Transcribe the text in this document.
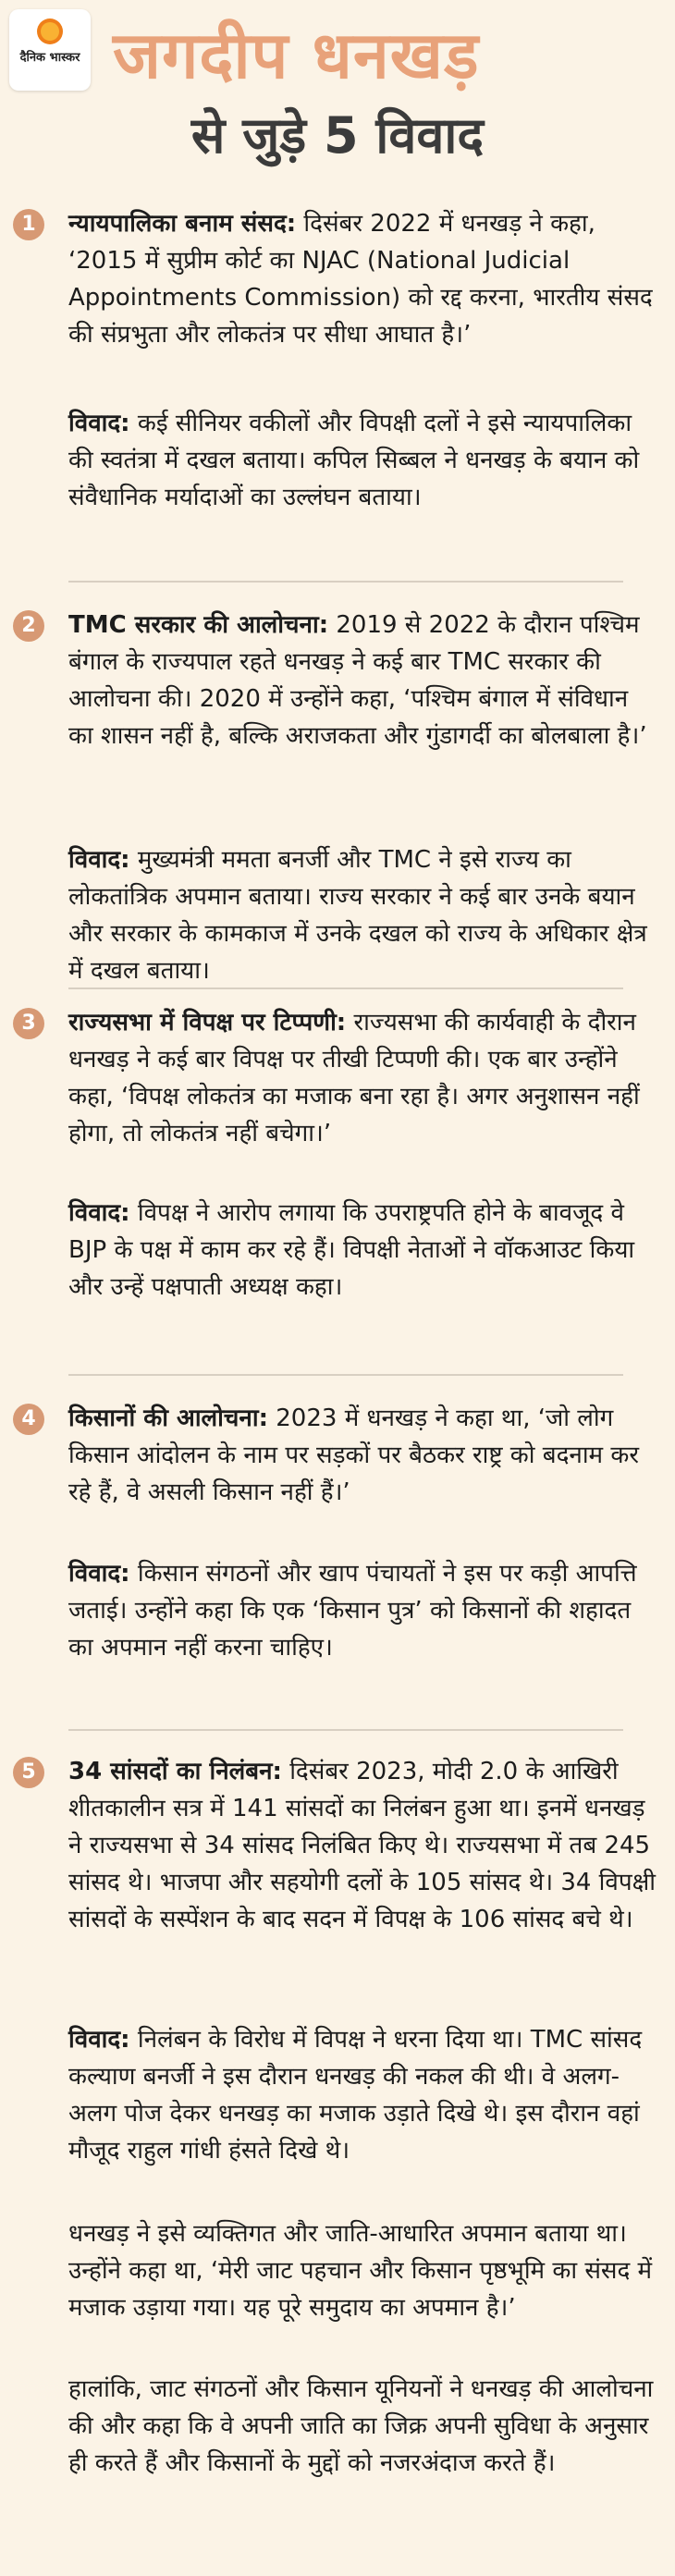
दैनिक भास्कर जगदीप धनखड़
से जुड़े 5 विवाद
1	न्यायपालिका बनाम संसद: दिसंबर 2022 में धनखड़ ने कहा, ‘2015 में सुप्रीम कोर्ट का NJAC (National Judicial Appointments Commission) को रद्द करना, भारतीय संसद की संप्रभुता और लोकतंत्र पर सीधा आघात है।’

विवाद: कई सीनियर वकीलों और विपक्षी दलों ने इसे न्यायपालिका की स्वतंत्रा में दखल बताया। कपिल सिब्बल ने धनखड़ के बयान को संवैधानिक मर्यादाओं का उल्लंघन बताया।

2	TMC सरकार की आलोचना: 2019 से 2022 के दौरान पश्चिम बंगाल के राज्यपाल रहते धनखड़ ने कई बार TMC सरकार की आलोचना की। 2020 में उन्होंने कहा, ‘पश्चिम बंगाल में संविधान का शासन नहीं है, बल्कि अराजकता और गुंडागर्दी का बोलबाला है।’

विवाद: मुख्यमंत्री ममता बनर्जी और TMC ने इसे राज्य का लोकतांत्रिक अपमान बताया। राज्य सरकार ने कई बार उनके बयान और सरकार के कामकाज में उनके दखल को राज्य के अधिकार क्षेत्र में दखल बताया।

3	राज्यसभा में विपक्ष पर टिप्पणी: राज्यसभा की कार्यवाही के दौरान धनखड़ ने कई बार विपक्ष पर तीखी टिप्पणी की। एक बार उन्होंने कहा, ‘विपक्ष लोकतंत्र का मजाक बना रहा है। अगर अनुशासन नहीं होगा, तो लोकतंत्र नहीं बचेगा।’

विवाद: विपक्ष ने आरोप लगाया कि उपराष्ट्रपति होने के बावजूद वे BJP के पक्ष में काम कर रहे हैं। विपक्षी नेताओं ने वॉकआउट किया और उन्हें पक्षपाती अध्यक्ष कहा।

4	किसानों की आलोचना: 2023 में धनखड़ ने कहा था, ‘जो लोग किसान आंदोलन के नाम पर सड़कों पर बैठकर राष्ट्र को बदनाम कर रहे हैं, वे असली किसान नहीं हैं।’

विवाद: किसान संगठनों और खाप पंचायतों ने इस पर कड़ी आपत्ति जताई। उन्होंने कहा कि एक ‘किसान पुत्र’ को किसानों की शहादत का अपमान नहीं करना चाहिए।

5	34 सांसदों का निलंबन: दिसंबर 2023, मोदी 2.0 के आखिरी शीतकालीन सत्र में 141 सांसदों का निलंबन हुआ था। इनमें धनखड़ ने राज्यसभा से 34 सांसद निलंबित किए थे। राज्यसभा में तब 245 सांसद थे। भाजपा और सहयोगी दलों के 105 सांसद थे। 34 विपक्षी सांसदों के सस्पेंशन के बाद सदन में विपक्ष के 106 सांसद बचे थे।

विवाद: निलंबन के विरोध में विपक्ष ने धरना दिया था। TMC सांसद कल्याण बनर्जी ने इस दौरान धनखड़ की नकल की थी। वे अलग-अलग पोज देकर धनखड़ का मजाक उड़ाते दिखे थे। इस दौरान वहां मौजूद राहुल गांधी हंसते दिखे थे।

धनखड़ ने इसे व्यक्तिगत और जाति-आधारित अपमान बताया था। उन्होंने कहा था, ‘मेरी जाट पहचान और किसान पृष्ठभूमि का संसद में मजाक उड़ाया गया। यह पूरे समुदाय का अपमान है।’

हालांकि, जाट संगठनों और किसान यूनियनों ने धनखड़ की आलोचना की और कहा कि वे अपनी जाति का जिक्र अपनी सुविधा के अनुसार ही करते हैं और किसानों के मुद्दों को नजरअंदाज करते हैं।
